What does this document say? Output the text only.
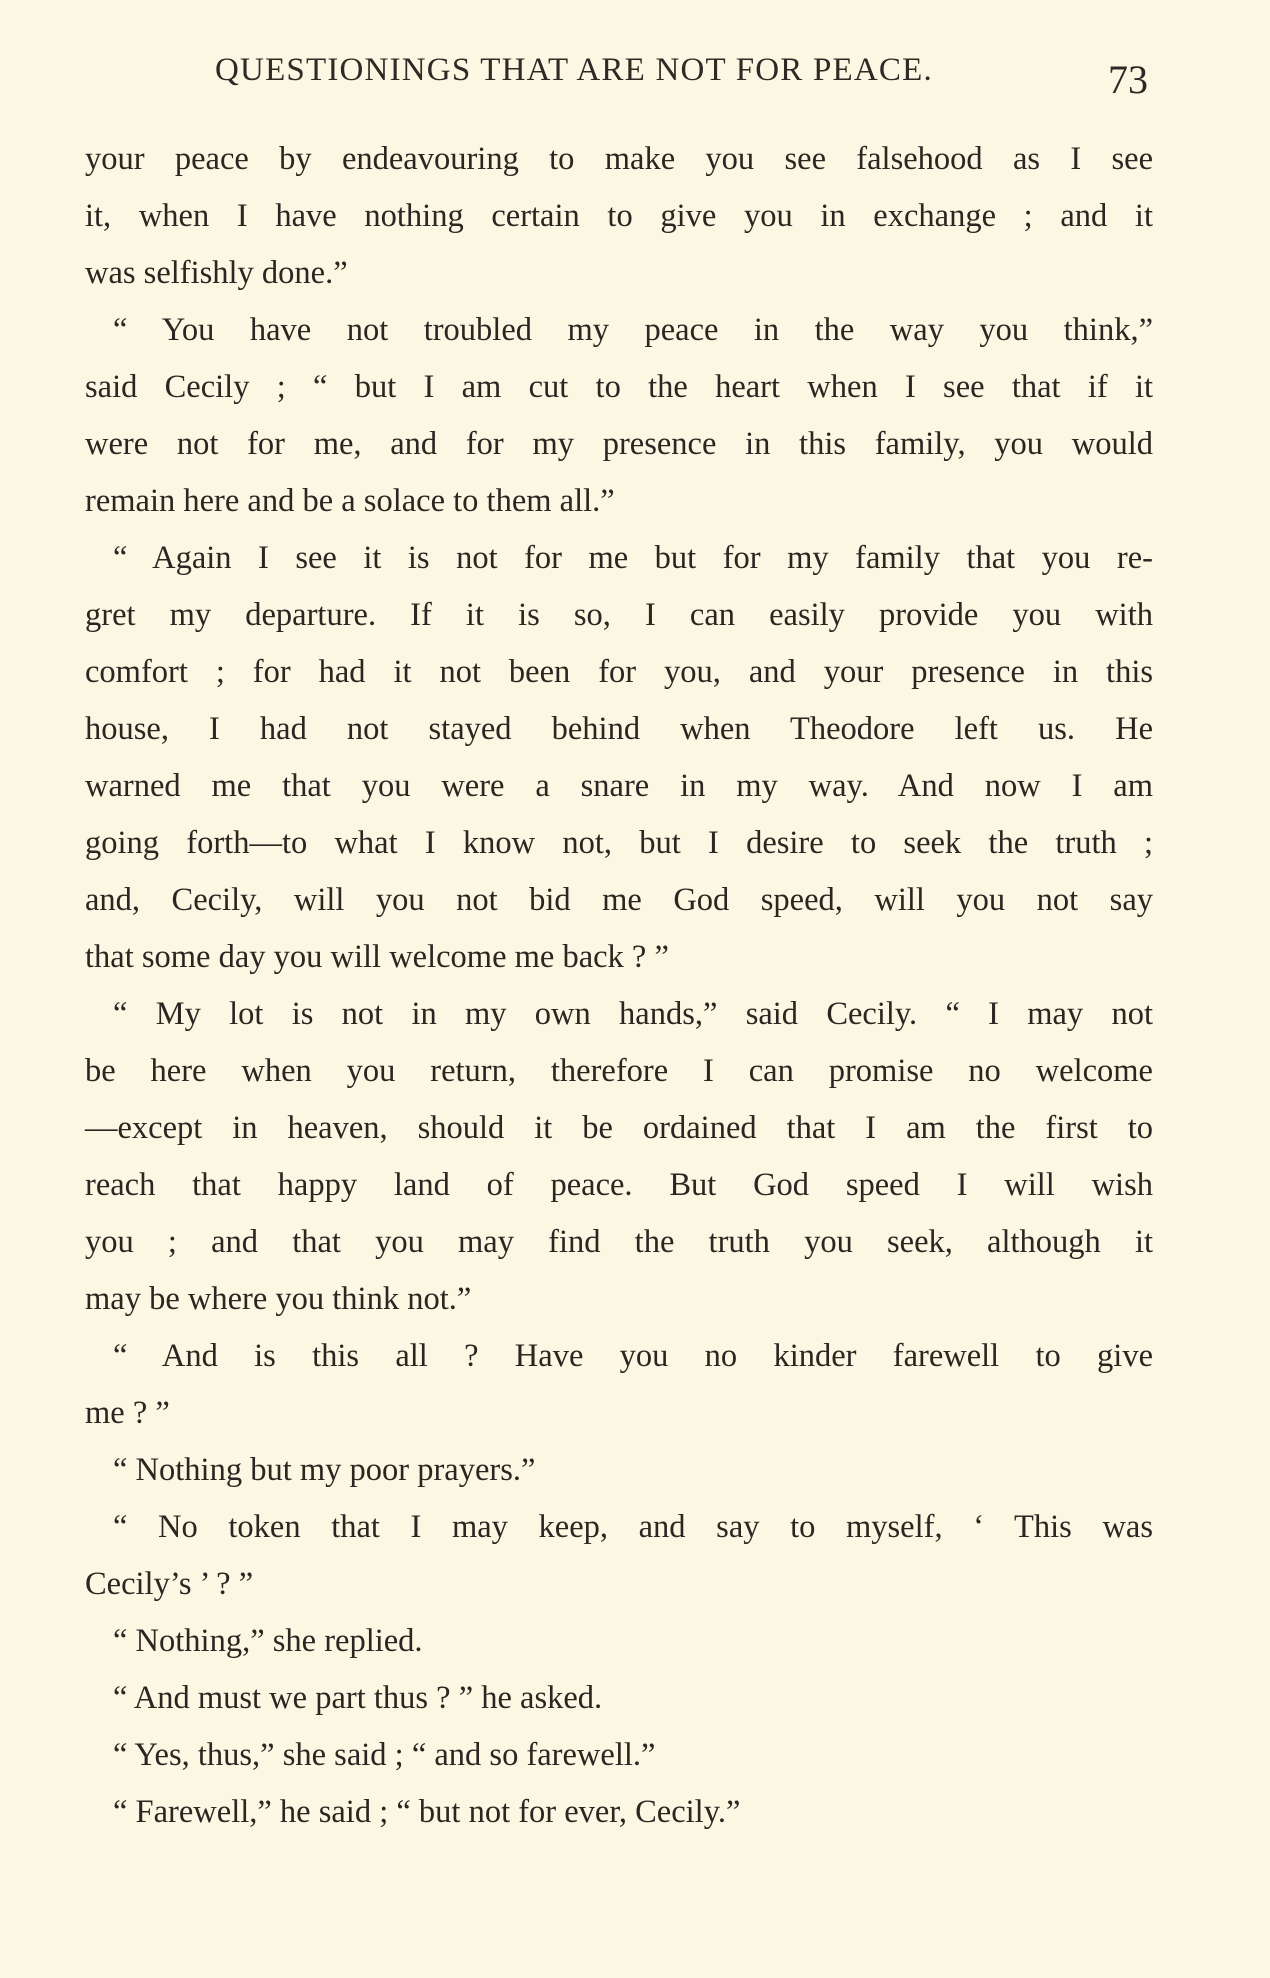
QUESTIONINGS THAT ARE NOT FOR PEACE.	73
your peace by endeavouring to make you see falsehood as I see
it, when I have nothing certain to give you in exchange ; and it
was selfishly done.”
“ You have not troubled my peace in the way you think,”
said Cecily ; “ but I am cut to the heart when I see that if it
were not for me, and for my presence in this family, you would
remain here and be a solace to them all.”
“ Again I see it is not for me but for my family that you re-
gret my departure. If it is so, I can easily provide you with
comfort ; for had it not been for you, and your presence in this
house, I had not stayed behind when Theodore left us. He
warned me that you were a snare in my way. And now I am
going forth—to what I know not, but I desire to seek the truth ;
and, Cecily, will you not bid me God speed, will you not say
that some day you will welcome me back ? ”
“ My lot is not in my own hands,” said Cecily. “ I may not
be here when you return, therefore I can promise no welcome
—except in heaven, should it be ordained that I am the first to
reach that happy land of peace. But God speed I will wish
you ; and that you may find the truth you seek, although it
may be where you think not.”
“ And is this all ? Have you no kinder farewell to give
me ? ”
“ Nothing but my poor prayers.”
“ No token that I may keep, and say to myself, ‘ This was
Cecily’s ’ ? ”
“ Nothing,” she replied.
“ And must we part thus ? ” he asked.
“ Yes, thus,” she said ; “ and so farewell.”
“ Farewell,” he said ; “ but not for ever, Cecily.”
